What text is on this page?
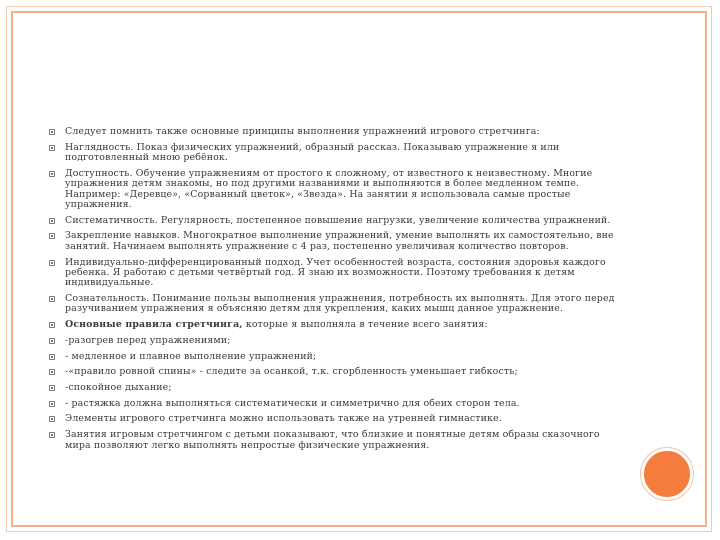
Следует помнить также основные принципы выполнения упражнений игрового стретчинга:
Наглядность. Показ физических упражнений, образный рассказ. Показываю упражнение я или подготовленный мною ребёнок.
Доступность. Обучение упражнениям от простого к сложному, от известного к неизвестному. Многие упражнения детям знакомы, но под другими названиями и выполняются в более медленном темпе. Например: «Деревце», «Сорванный цветок», «Звезда». На занятии я использовала самые простые упражнения.
Систематичность. Регулярность, постепенное повышение нагрузки, увеличение количества упражнений.
Закрепление навыков. Многократное выполнение упражнений, умение выполнять их самостоятельно, вне занятий. Начинаем выполнять упражнение с 4 раз, постепенно увеличивая количество повторов.
Индивидуально-дифференцированный подход. Учет особенностей возраста, состояния здоровья каждого ребенка. Я работаю с детьми четвёртый год. Я знаю их возможности. Поэтому требования к детям индивидуальные.
Сознательность. Понимание пользы выполнения упражнения, потребность их выполнять. Для этого перед разучиванием упражнения я объясняю детям для укрепления, каких мышц данное упражнение.
Основные правила стретчинга, которые я выполняла в течение всего занятия:
-разогрев перед упражнениями;
- медленное и плавное выполнение упражнений;
-«правило ровной спины» - следите за осанкой, т.к. сгорбленность уменьшает гибкость;
-спокойное дыхание;
- растяжка должна выполняться систематически и симметрично для обеих сторон тела.
Элементы игрового стретчинга можно использовать также на утренней гимнастике.
Занятия игровым стретчингом с детьми показывают, что близкие и понятные детям образы сказочного мира позволяют легко выполнять непростые физические упражнения.
